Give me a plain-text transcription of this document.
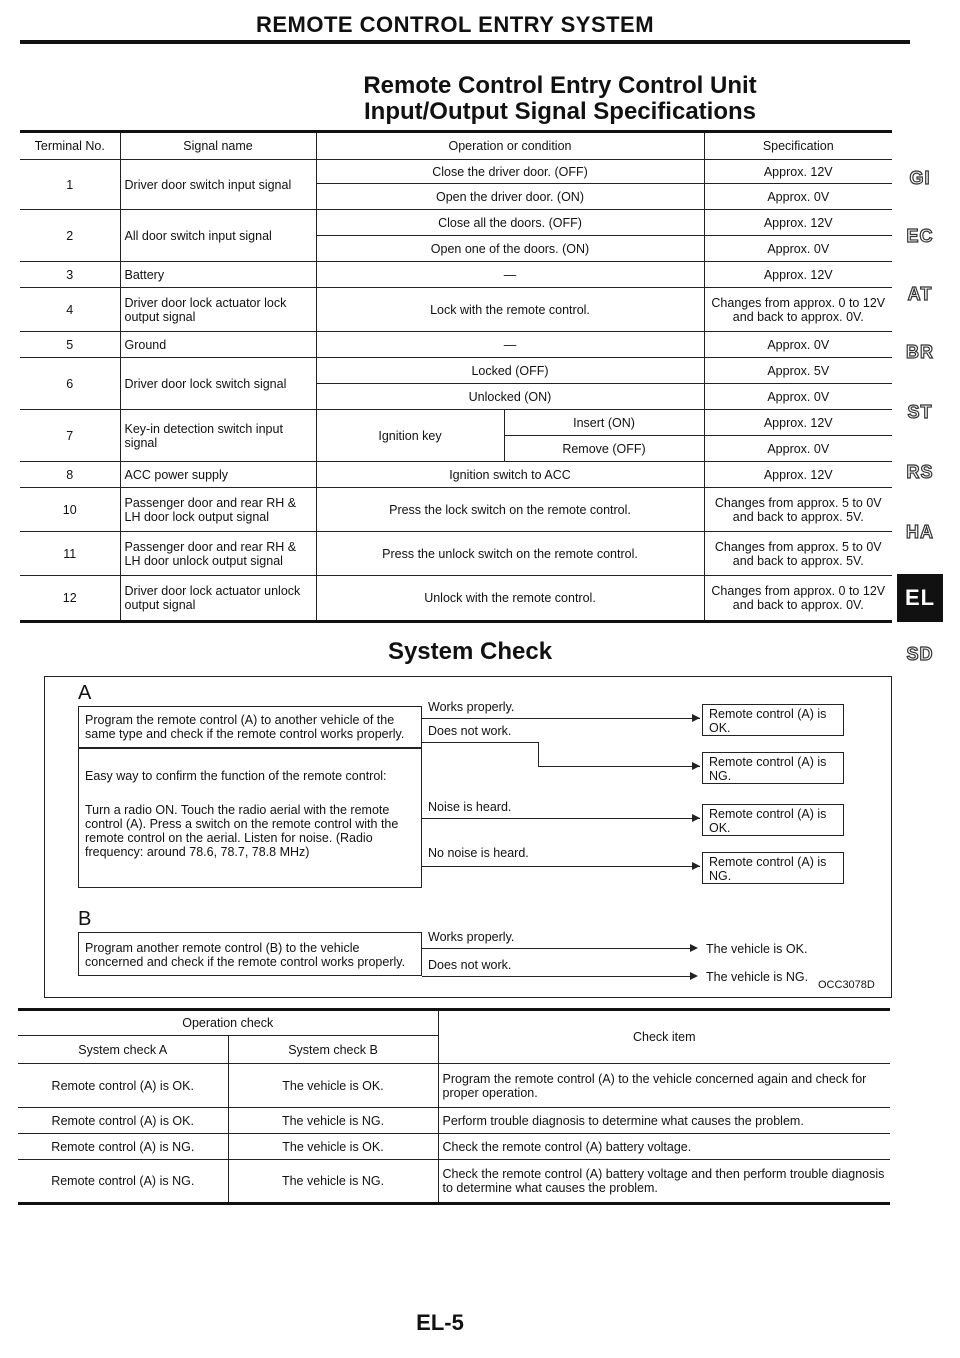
REMOTE CONTROL ENTRY SYSTEM
Remote Control Entry Control Unit
Input/Output Signal Specifications
Terminal No.	Signal name	Operation or condition		Specification
1	Driver door switch input signal	Close the driver door. (OFF)		Approx. 12V
		Open the driver door. (ON)		Approx. 0V
2	All door switch input signal	Close all the doors. (OFF)		Approx. 12V
		Open one of the doors. (ON)		Approx. 0V
3	Battery	—		Approx. 12V
4	Driver door lock actuator lock output signal	Lock with the remote control.		Changes from approx. 0 to 12V and back to approx. 0V.
5	Ground	—		Approx. 0V
6	Driver door lock switch signal	Locked (OFF)		Approx. 5V
		Unlocked (ON)		Approx. 0V
7	Key-in detection switch input signal	Ignition key	Insert (ON)	Approx. 12V
			Remove (OFF)	Approx. 0V
8	ACC power supply	Ignition switch to ACC		Approx. 12V
10	Passenger door and rear RH & LH door lock output signal	Press the lock switch on the remote control.		Changes from approx. 5 to 0V and back to approx. 5V.
11	Passenger door and rear RH & LH door unlock output signal	Press the unlock switch on the remote control.		Changes from approx. 5 to 0V and back to approx. 5V.
12	Driver door lock actuator unlock output signal	Unlock with the remote control.		Changes from approx. 0 to 12V and back to approx. 0V.
GI
EC
AT
BR
ST
RS
HA
EL
SD
System Check
A
Program the remote control (A) to another vehicle of the same type and check if the remote control works properly.
Easy way to confirm the function of the remote control:
Turn a radio ON. Touch the radio aerial with the remote control (A). Press a switch on the remote control with the remote control on the aerial. Listen for noise. (Radio frequency: around 78.6, 78.7, 78.8 MHz)
Works properly.
Does not work.
Noise is heard.
No noise is heard.
Remote control (A) is OK.
Remote control (A) is NG.
Remote control (A) is OK.
Remote control (A) is NG.
B
Program another remote control (B) to the vehicle concerned and check if the remote control works properly.
Works properly.
The vehicle is OK.
Does not work.
The vehicle is NG.
OCC3078D
Operation check		Check item
System check A	System check B	
Remote control (A) is OK.	The vehicle is OK.	Program the remote control (A) to the vehicle concerned again and check for proper operation.
Remote control (A) is OK.	The vehicle is NG.	Perform trouble diagnosis to determine what causes the problem.
Remote control (A) is NG.	The vehicle is OK.	Check the remote control (A) battery voltage.
Remote control (A) is NG.	The vehicle is NG.	Check the remote control (A) battery voltage and then perform trouble diagnosis to determine what causes the problem.
EL-5
